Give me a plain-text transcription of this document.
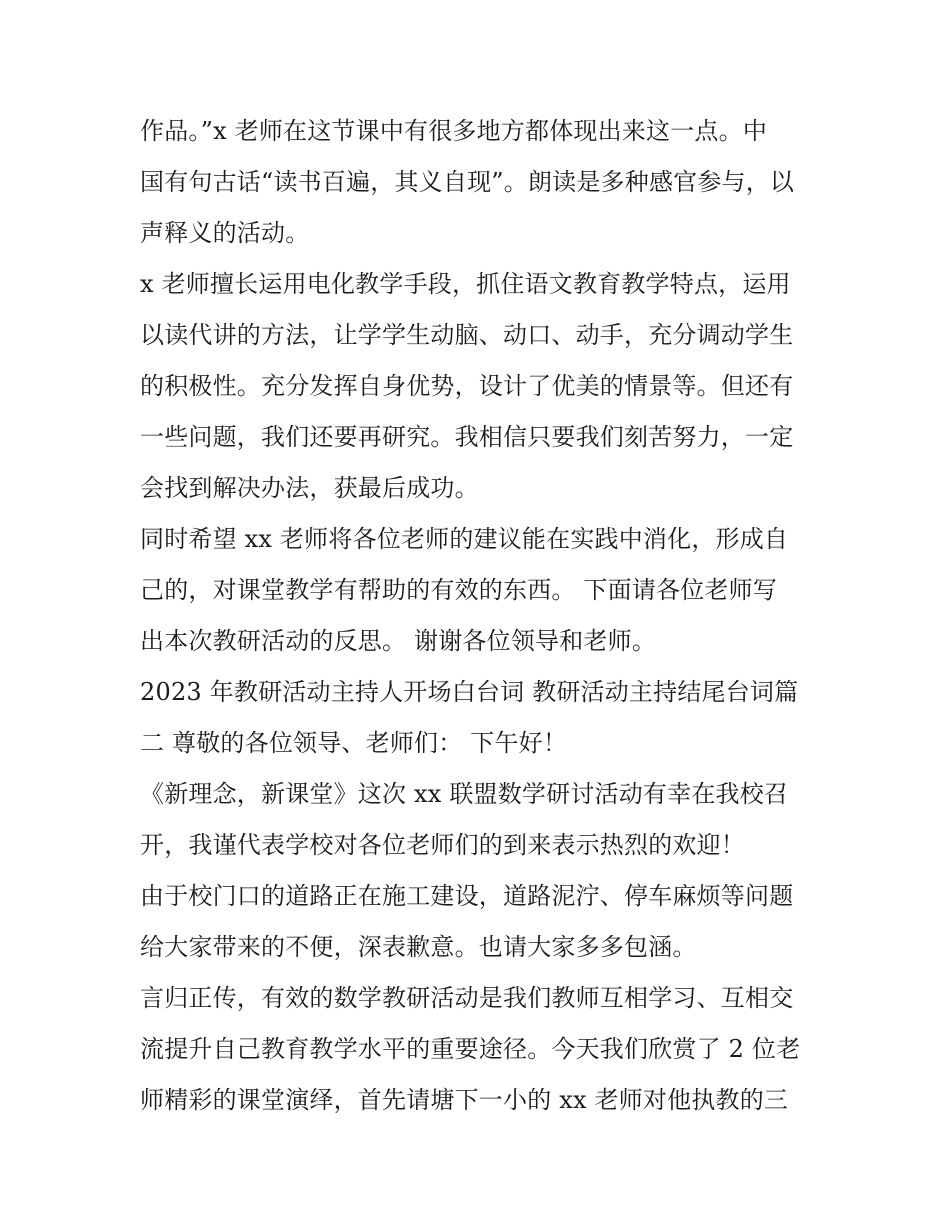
作品。”x 老师在这节课中有很多地方都体现出来这一点。中
国有句古话“读书百遍，其义自现”。朗读是多种感官参与，以
声释义的活动。
x 老师擅长运用电化教学手段，抓住语文教育教学特点，运用
以读代讲的方法，让学学生动脑、动口、动手，充分调动学生
的积极性。充分发挥自身优势，设计了优美的情景等。但还有
一些问题，我们还要再研究。我相信只要我们刻苦努力，一定
会找到解决办法，获最后成功。
同时希望 xx 老师将各位老师的建议能在实践中消化，形成自
己的，对课堂教学有帮助的有效的东西。 下面请各位老师写
出本次教研活动的反思。 谢谢各位领导和老师。
2023 年教研活动主持人开场白台词 教研活动主持结尾台词篇
二 尊敬的各位领导、老师们： 下午好！
《新理念，新课堂》这次 xx 联盟数学研讨活动有幸在我校召
开，我谨代表学校对各位老师们的到来表示热烈的欢迎！
由于校门口的道路正在施工建设，道路泥泞、停车麻烦等问题
给大家带来的不便，深表歉意。也请大家多多包涵。
言归正传，有效的数学教研活动是我们教师互相学习、互相交
流提升自己教育教学水平的重要途径。今天我们欣赏了 2 位老
师精彩的课堂演绎，首先请塘下一小的 xx 老师对他执教的三
